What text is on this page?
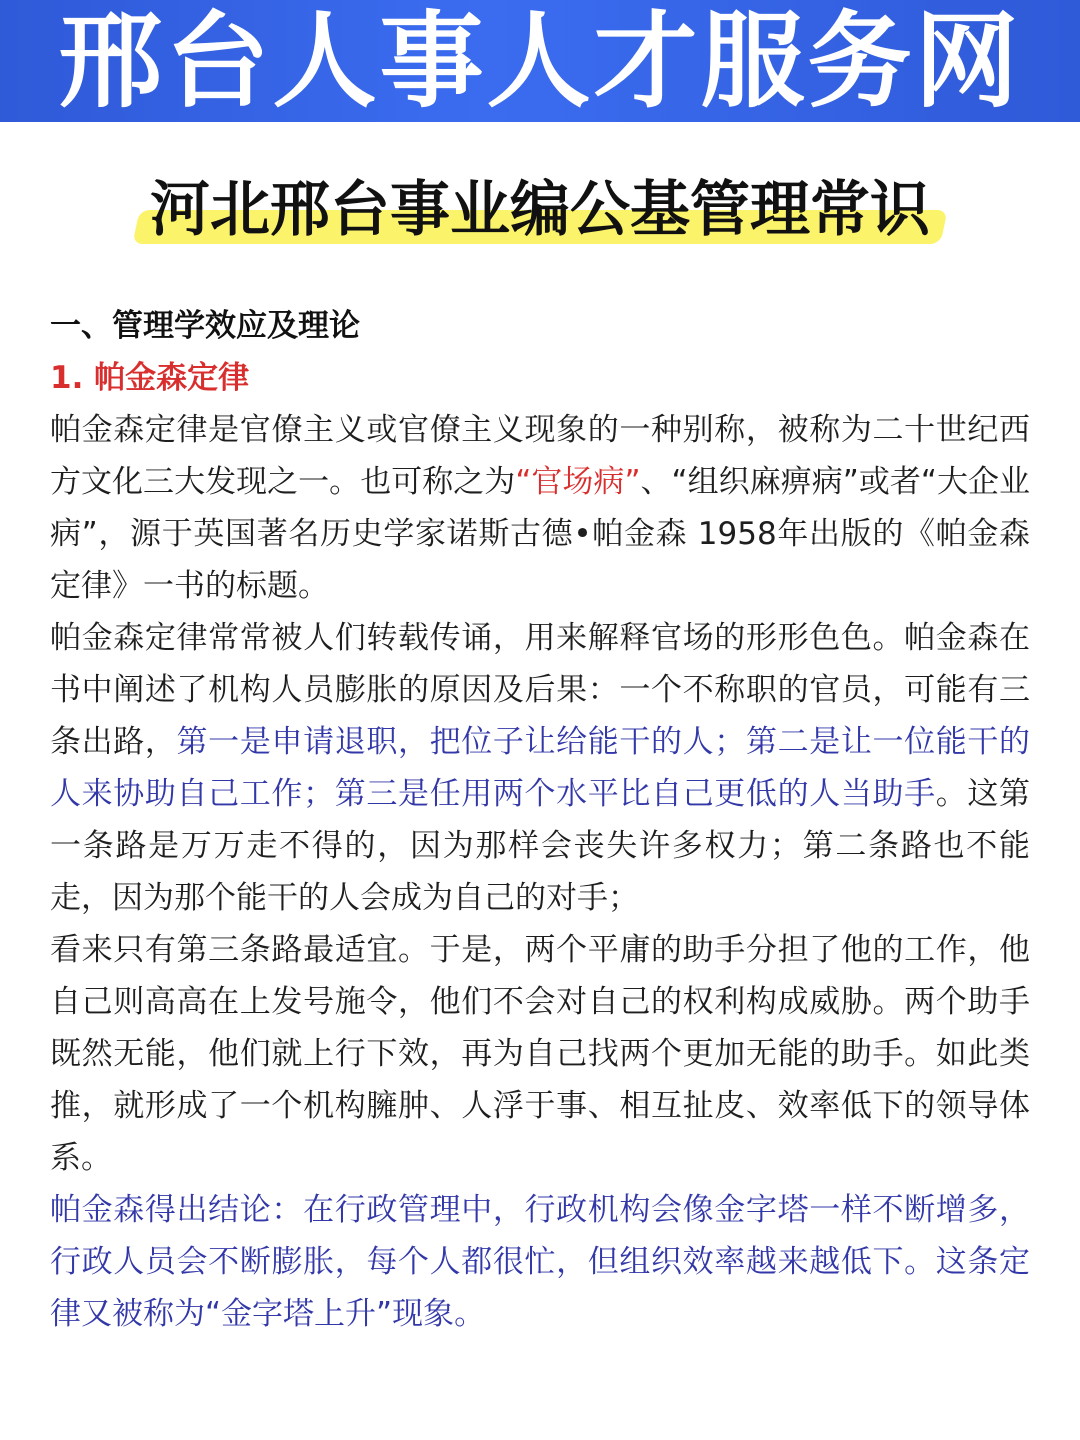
邢台人事人才服务网
河北邢台事业编公基管理常识

一、管理学效应及理论

1. 帕金森定律

帕金森定律是官僚主义或官僚主义现象的一种别称，被称为二十世纪西方文化三大发现之一。也可称之为“官场病”、“组织麻痹病”或者“大企业病”，源于英国著名历史学家诺斯古德•帕金森 1958年出版的《帕金森定律》一书的标题。

帕金森定律常常被人们转载传诵，用来解释官场的形形色色。帕金森在书中阐述了机构人员膨胀的原因及后果：一个不称职的官员，可能有三条出路，第一是申请退职，把位子让给能干的人；第二是让一位能干的人来协助自己工作；第三是任用两个水平比自己更低的人当助手。这第一条路是万万走不得的，因为那样会丧失许多权力；第二条路也不能走，因为那个能干的人会成为自己的对手；

看来只有第三条路最适宜。于是，两个平庸的助手分担了他的工作，他自己则高高在上发号施令，他们不会对自己的权利构成威胁。两个助手既然无能，他们就上行下效，再为自己找两个更加无能的助手。如此类推，就形成了一个机构臃肿、人浮于事、相互扯皮、效率低下的领导体系。

帕金森得出结论：在行政管理中，行政机构会像金字塔一样不断增多，行政人员会不断膨胀，每个人都很忙，但组织效率越来越低下。这条定律又被称为“金字塔上升”现象。
